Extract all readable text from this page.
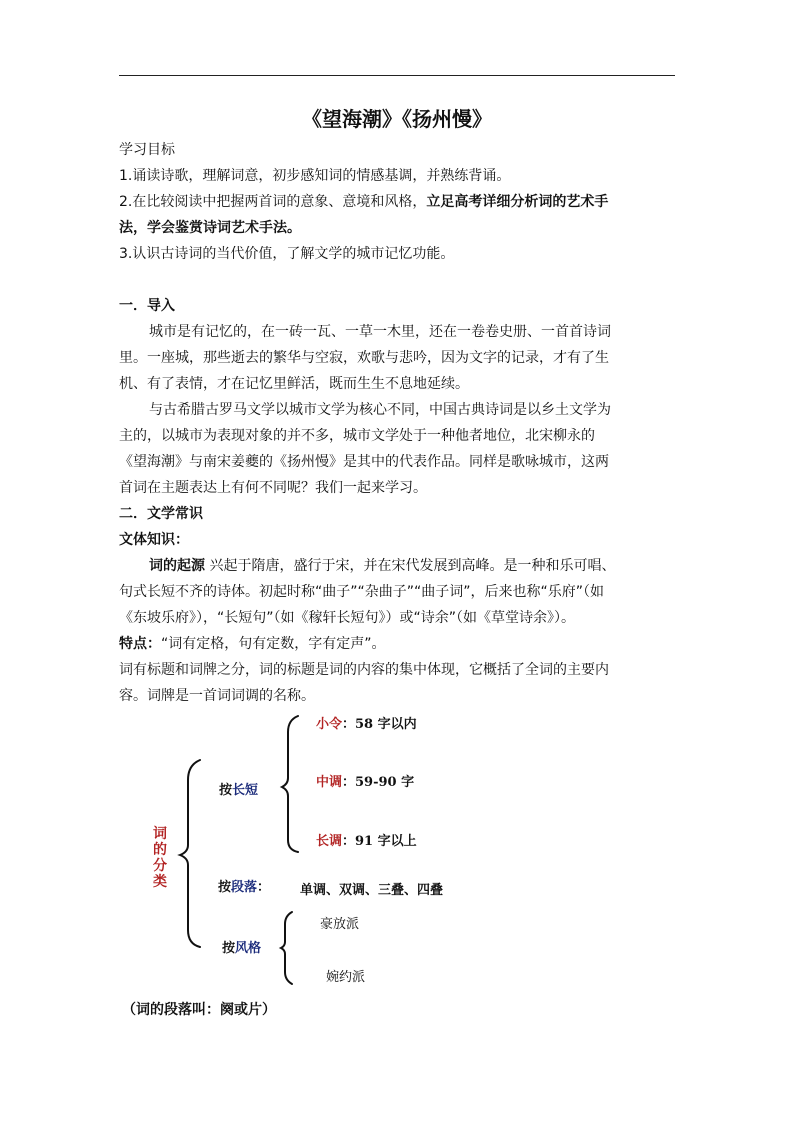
《望海潮》《扬州慢》
学习目标
1.诵读诗歌，理解词意，初步感知词的情感基调，并熟练背诵。
2.在比较阅读中把握两首词的意象、意境和风格，立足高考详细分析词的艺术手
法，学会鉴赏诗词艺术手法。
3.认识古诗词的当代价值，了解文学的城市记忆功能。
一．导入
城市是有记忆的，在一砖一瓦、一草一木里，还在一卷卷史册、一首首诗词
里。一座城，那些逝去的繁华与空寂，欢歌与悲吟，因为文字的记录，才有了生
机、有了表情，才在记忆里鲜活，既而生生不息地延续。
与古希腊古罗马文学以城市文学为核心不同，中国古典诗词是以乡土文学为
主的，以城市为表现对象的并不多，城市文学处于一种他者地位，北宋柳永的
《望海潮》与南宋姜夔的《扬州慢》是其中的代表作品。同样是歌咏城市，这两
首词在主题表达上有何不同呢？我们一起来学习。
二．文学常识
文体知识：
词的起源 兴起于隋唐，盛行于宋，并在宋代发展到高峰。是一种和乐可唱、
句式长短不齐的诗体。初起时称“曲子”“杂曲子”“曲子词”，后来也称“乐府”（如
《东坡乐府》），“长短句”（如《稼轩长短句》）或“诗余”（如《草堂诗余》）。
特点：“词有定格，句有定数，字有定声”。
词有标题和词牌之分，词的标题是词的内容的集中体现，它概括了全词的主要内
容。词牌是一首词词调的名称。
词
的
分
类
按长短
小令：58 字以内
中调：59-90 字
长调：91 字以上
按段落： 单调、双调、三叠、四叠
按风格
豪放派
婉约派
（词的段落叫：阕或片）
